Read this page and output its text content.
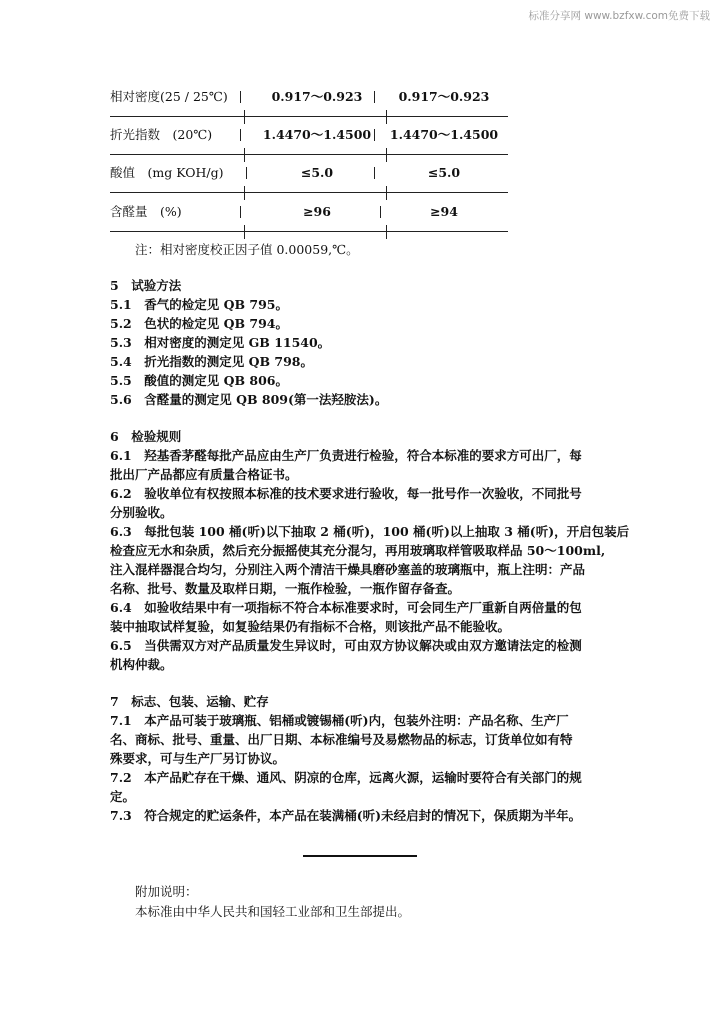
标准分享网 www.bzfxw.com免费下载
相对密度(25 / 25℃)	0.917～0.923	0.917～0.923
折光指数　(20℃)	1.4470～1.4500	1.4470～1.4500
酸值　(mg KOH/g)	≤5.0	≤5.0
含醛量　(%)	≥96	≥94
注：相对密度校正因子值 0.00059,℃。
5　试验方法
5.1　香气的检定见 QB 795。
5.2　色状的检定见 QB 794。
5.3　相对密度的测定见 GB 11540。
5.4　折光指数的测定见 QB 798。
5.5　酸值的测定见 QB 806。
5.6　含醛量的测定见 QB 809(第一法羟胺法)。
6　检验规则
6.1　羟基香茅醛每批产品应由生产厂负责进行检验，符合本标准的要求方可出厂，每
批出厂产品都应有质量合格证书。
6.2　验收单位有权按照本标准的技术要求进行验收，每一批号作一次验收，不同批号
分别验收。
6.3　每批包装 100 桶(听)以下抽取 2 桶(听)，100 桶(听)以上抽取 3 桶(听)，开启包装后
检查应无水和杂质，然后充分振摇使其充分混匀，再用玻璃取样管吸取样品 50～100ml,
注入混样器混合均匀，分别注入两个清洁干燥具磨砂塞盖的玻璃瓶中，瓶上注明：产品
名称、批号、数量及取样日期，一瓶作检验，一瓶作留存备查。
6.4　如验收结果中有一项指标不符合本标准要求时，可会同生产厂重新自两倍量的包
装中抽取试样复验，如复验结果仍有指标不合格，则该批产品不能验收。
6.5　当供需双方对产品质量发生异议时，可由双方协议解决或由双方邀请法定的检测
机构仲裁。
7　标志、包装、运输、贮存
7.1　本产品可装于玻璃瓶、铝桶或镀锡桶(听)内，包装外注明：产品名称、生产厂
名、商标、批号、重量、出厂日期、本标准编号及易燃物品的标志，订货单位如有特
殊要求，可与生产厂另订协议。
7.2　本产品贮存在干燥、通风、阴凉的仓库，远离火源，运输时要符合有关部门的规
定。
7.3　符合规定的贮运条件，本产品在装满桶(听)未经启封的情况下，保质期为半年。
附加说明：
本标准由中华人民共和国轻工业部和卫生部提出。
